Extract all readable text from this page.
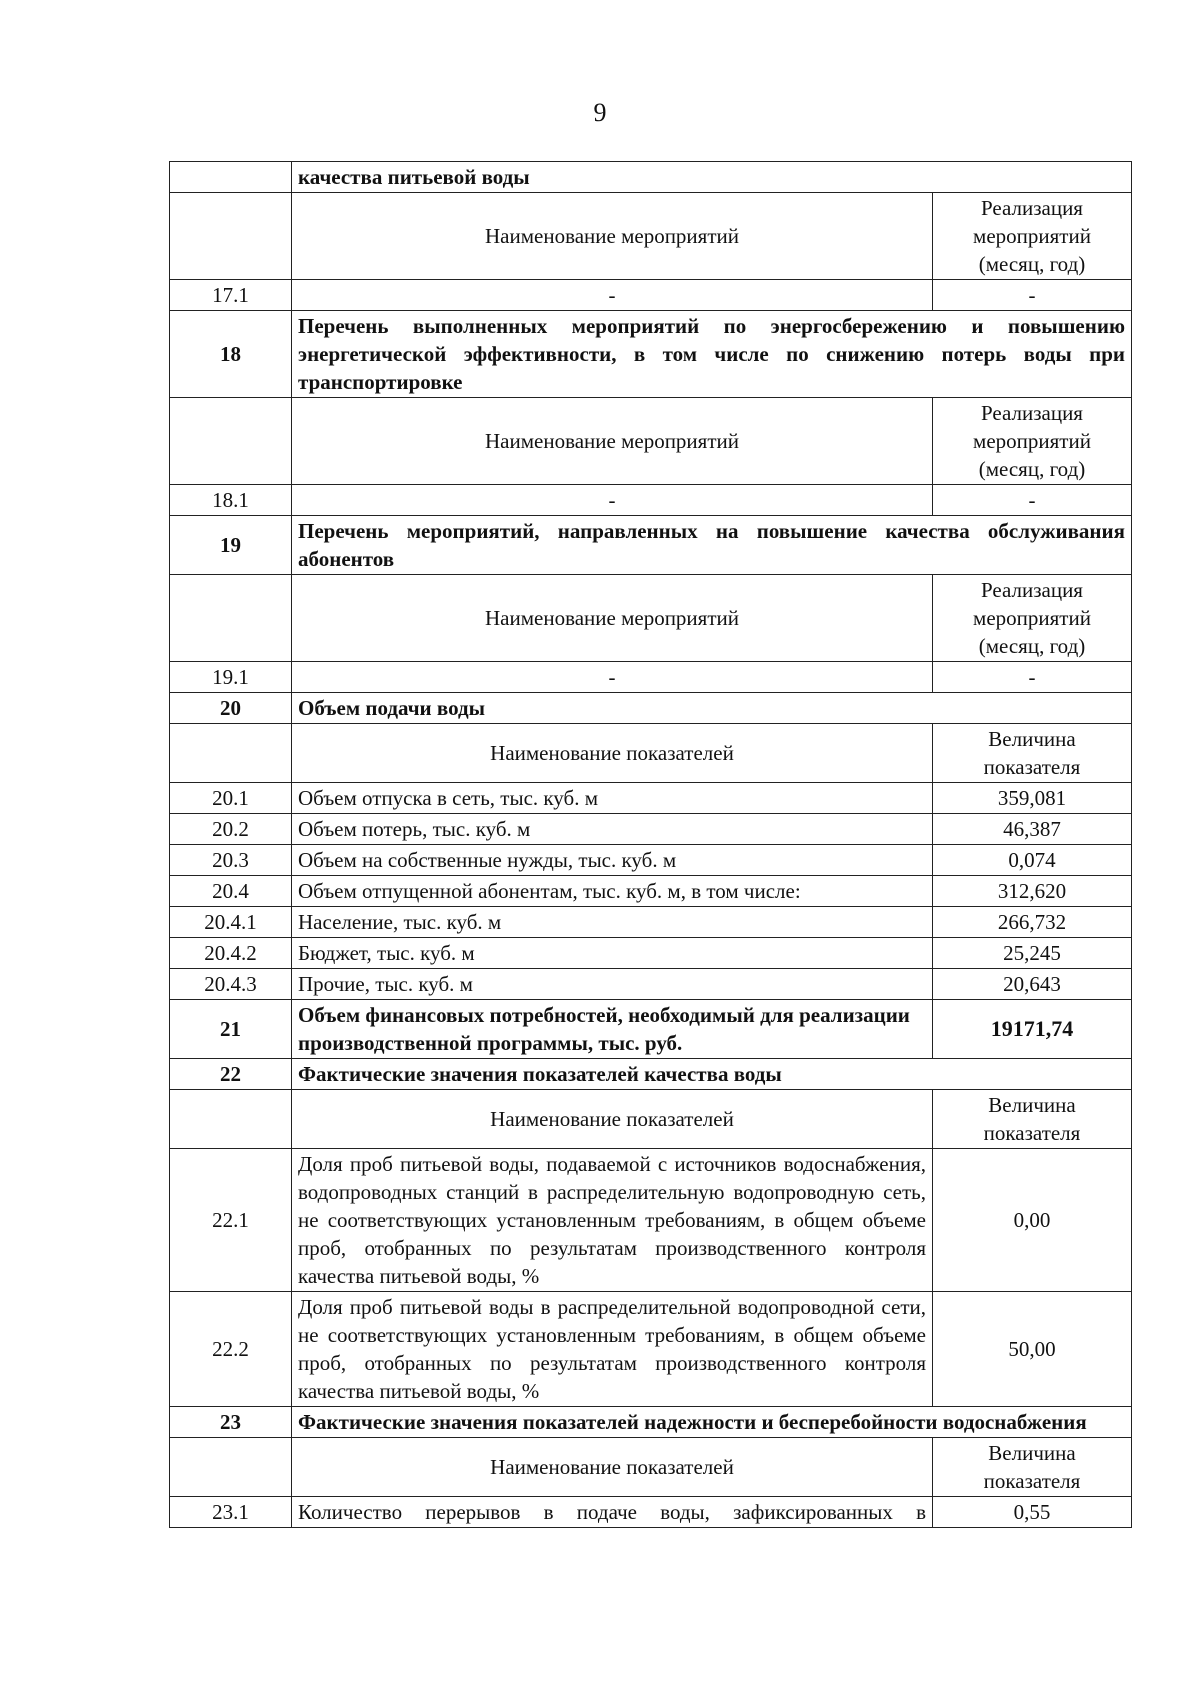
9
	качества питьевой воды	
	Наименование мероприятий	Реализация мероприятий (месяц, год)
17.1	-	-
18	Перечень выполненных мероприятий по энергосбережению и повышению энергетической эффективности, в том числе по снижению потерь воды при транспортировке	
	Наименование мероприятий	Реализация мероприятий (месяц, год)
18.1	-	-
19	Перечень мероприятий, направленных на повышение качества обслуживания абонентов	
	Наименование мероприятий	Реализация мероприятий (месяц, год)
19.1	-	-
20	Объем подачи воды	
	Наименование показателей	Величина показателя
20.1	Объем отпуска в сеть, тыс. куб. м	359,081
20.2	Объем потерь, тыс. куб. м	46,387
20.3	Объем на собственные нужды, тыс. куб. м	0,074
20.4	Объем отпущенной абонентам, тыс. куб. м, в том числе:	312,620
20.4.1	Население, тыс. куб. м	266,732
20.4.2	Бюджет, тыс. куб. м	25,245
20.4.3	Прочие, тыс. куб. м	20,643
21	Объем финансовых потребностей, необходимый для реализации производственной программы, тыс. руб.	19171,74
22	Фактические значения показателей качества воды	
	Наименование показателей	Величина показателя
22.1	Доля проб питьевой воды, подаваемой с источников водоснабжения, водопроводных станций в распределительную водопроводную сеть, не соответствующих установленным требованиям, в общем объеме проб, отобранных по результатам производственного контроля качества питьевой воды, %	0,00
22.2	Доля проб питьевой воды в распределительной водопроводной сети, не соответствующих установленным требованиям, в общем объеме проб, отобранных по результатам производственного контроля качества питьевой воды, %	50,00
23	Фактические значения показателей надежности и бесперебойности водоснабжения	
	Наименование показателей	Величина показателя
23.1	Количество перерывов в подаче воды, зафиксированных в	0,55
